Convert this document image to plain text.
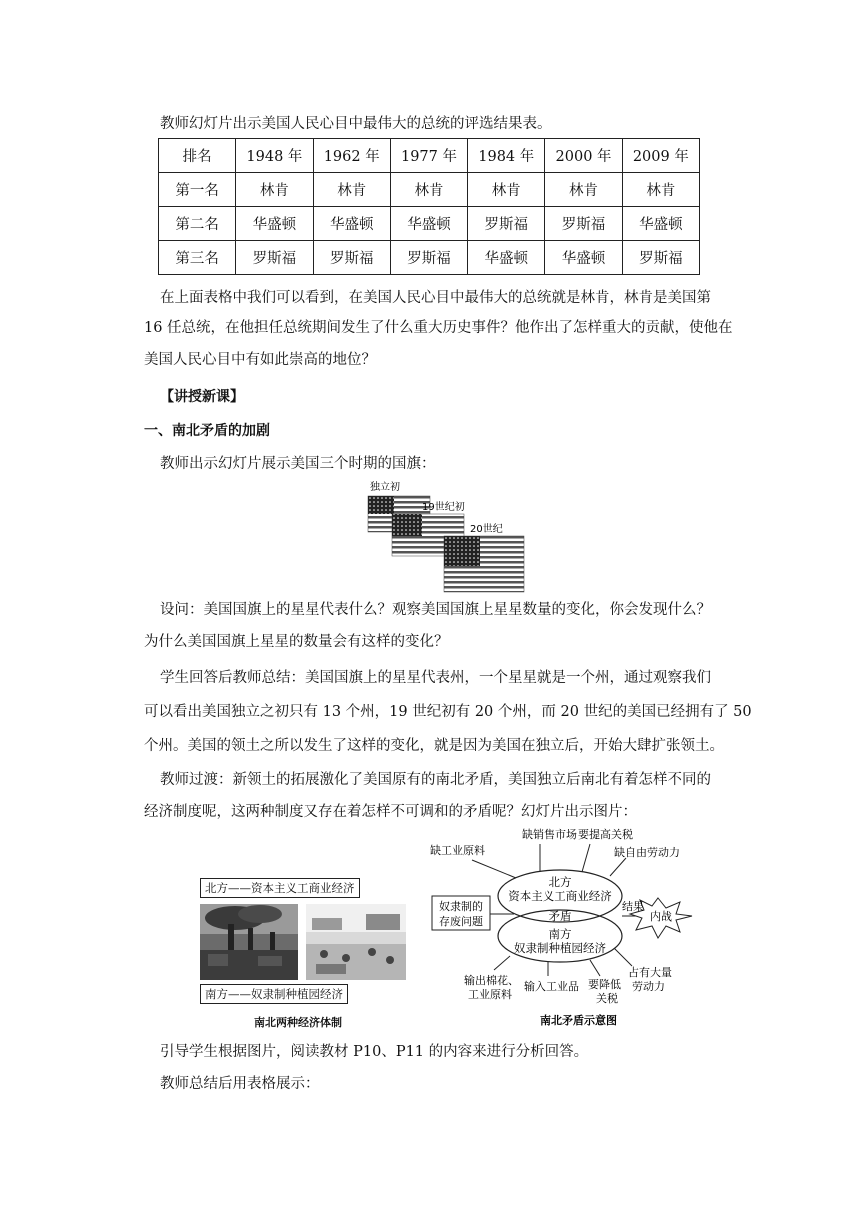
教师幻灯片出示美国人民心目中最伟大的总统的评选结果表。
排名	1948 年	1962 年	1977 年	1984 年	2000 年	2009 年
第一名	林肯	林肯	林肯	林肯	林肯	林肯
第二名	华盛顿	华盛顿	华盛顿	罗斯福	罗斯福	华盛顿
第三名	罗斯福	罗斯福	罗斯福	华盛顿	华盛顿	罗斯福
在上面表格中我们可以看到，在美国人民心目中最伟大的总统就是林肯，林肯是美国第
16 任总统，在他担任总统期间发生了什么重大历史事件？他作出了怎样重大的贡献，使他在
美国人民心目中有如此崇高的地位？
【讲授新课】
一、南北矛盾的加剧
教师出示幻灯片展示美国三个时期的国旗：
独立初
19世纪初
20世纪
设问：美国国旗上的星星代表什么？观察美国国旗上星星数量的变化，你会发现什么？
为什么美国国旗上星星的数量会有这样的变化？
学生回答后教师总结：美国国旗上的星星代表州，一个星星就是一个州，通过观察我们
可以看出美国独立之初只有 13 个州，19 世纪初有 20 个州，而 20 世纪的美国已经拥有了 50
个州。美国的领土之所以发生了这样的变化，就是因为美国在独立后，开始大肆扩张领土。
教师过渡：新领土的拓展激化了美国原有的南北矛盾，美国独立后南北有着怎样不同的
经济制度呢，这两种制度又存在着怎样不可调和的矛盾呢？幻灯片出示图片：
北方——资本主义工商业经济
南方——奴隶制种植园经济
南北两种经济体制
缺销售市场 要提高关税
缺工业原料	缺自由劳动力
北方
资本主义工商业经济
矛盾
南方
奴隶制种植园经济
奴隶制的
存废问题
结果
内战
输出棉花、
工业原料
输入工业品 要降低
关税
占有大量
劳动力
南北矛盾示意图
引导学生根据图片，阅读教材 P10、P11 的内容来进行分析回答。
教师总结后用表格展示：
